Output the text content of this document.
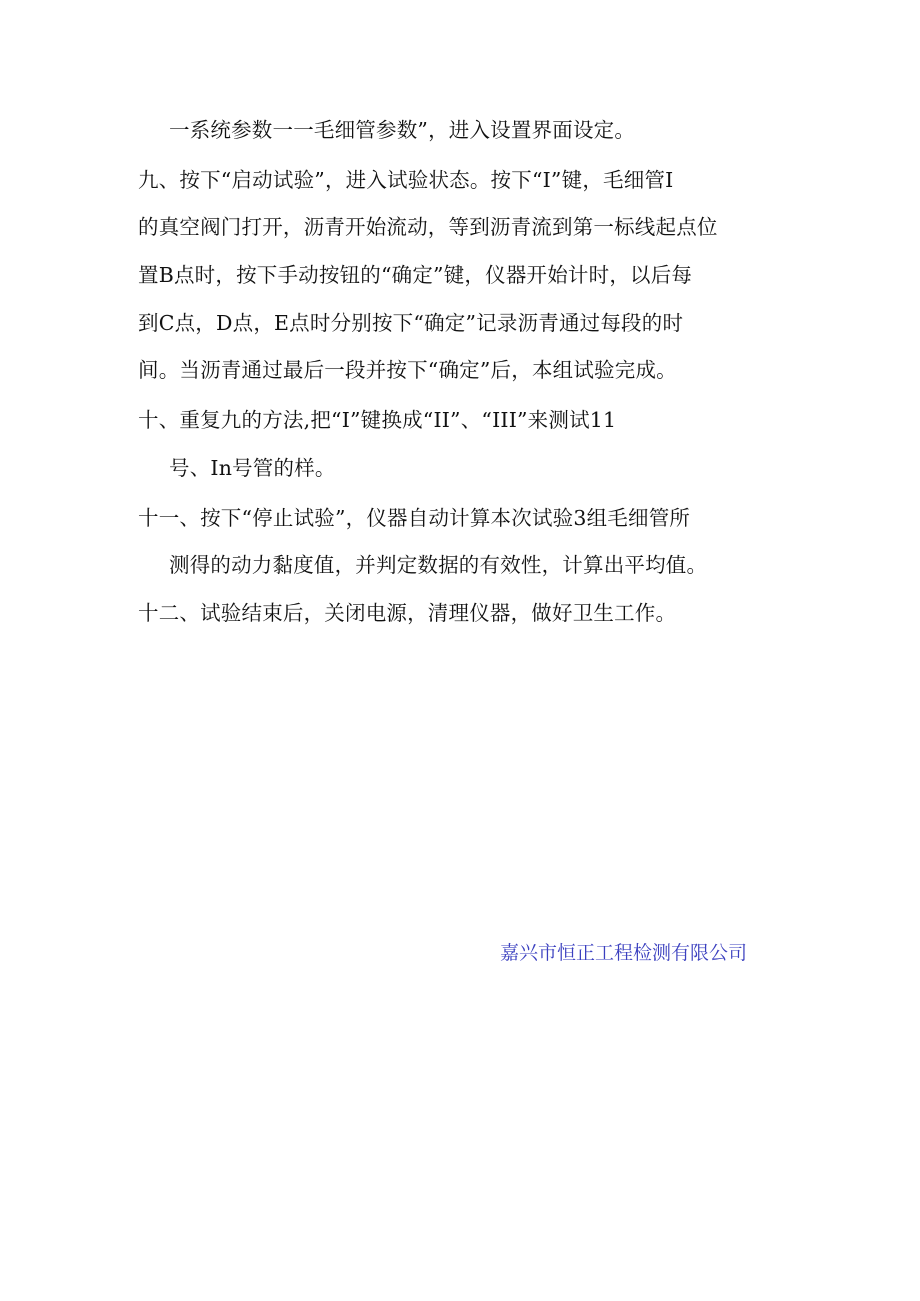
一系统参数一一毛细管参数”，进入设置界面设定。
九、按下“启动试验”，进入试验状态。按下“I”键，毛细管I
的真空阀门打开，沥青开始流动，等到沥青流到第一标线起点位
置B点时，按下手动按钮的“确定”键，仪器开始计时，以后每
到C点，D点，E点时分别按下“确定”记录沥青通过每段的时
间。当沥青通过最后一段并按下“确定”后，本组试验完成。
十、重复九的方法,把“I”键换成“II”、“III”来测试11
号、In号管的样。
十一、按下“停止试验”，仪器自动计算本次试验3组毛细管所
测得的动力黏度值，并判定数据的有效性，计算出平均值。
十二、试验结束后，关闭电源，清理仪器，做好卫生工作。
嘉兴市恒正工程检测有限公司
